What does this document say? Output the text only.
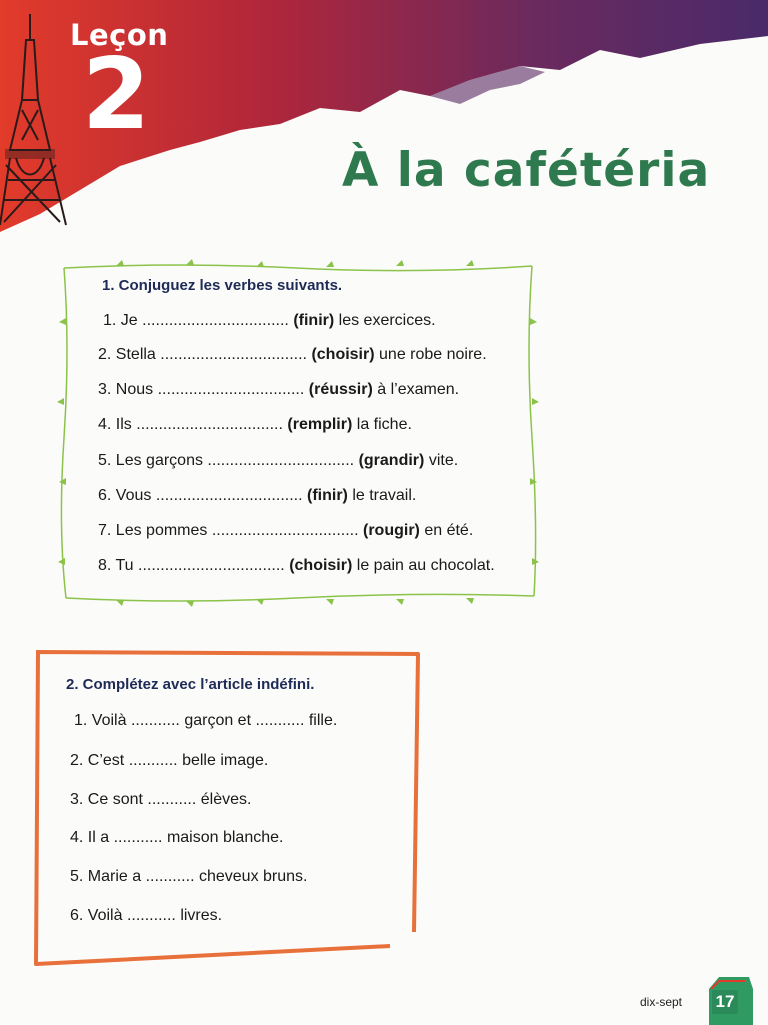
Leçon
2
À la cafétéria
1. Conjuguez les verbes suivants.
1. Je ................................. (finir) les exercices.
2. Stella ................................. (choisir) une robe noire.
3. Nous ................................. (réussir) à l’examen.
4. Ils ................................. (remplir) la fiche.
5. Les garçons ................................. (grandir) vite.
6. Vous ................................. (finir) le travail.
7. Les pommes ................................. (rougir) en été.
8. Tu ................................. (choisir) le pain au chocolat.
2. Complétez avec l’article indéfini.
1. Voilà ........... garçon et ........... fille.
2. C’est ........... belle image.
3. Ce sont ........... élèves.
4. Il a ........... maison blanche.
5. Marie a ........... cheveux bruns.
6. Voilà ........... livres.
dix-sept 17
